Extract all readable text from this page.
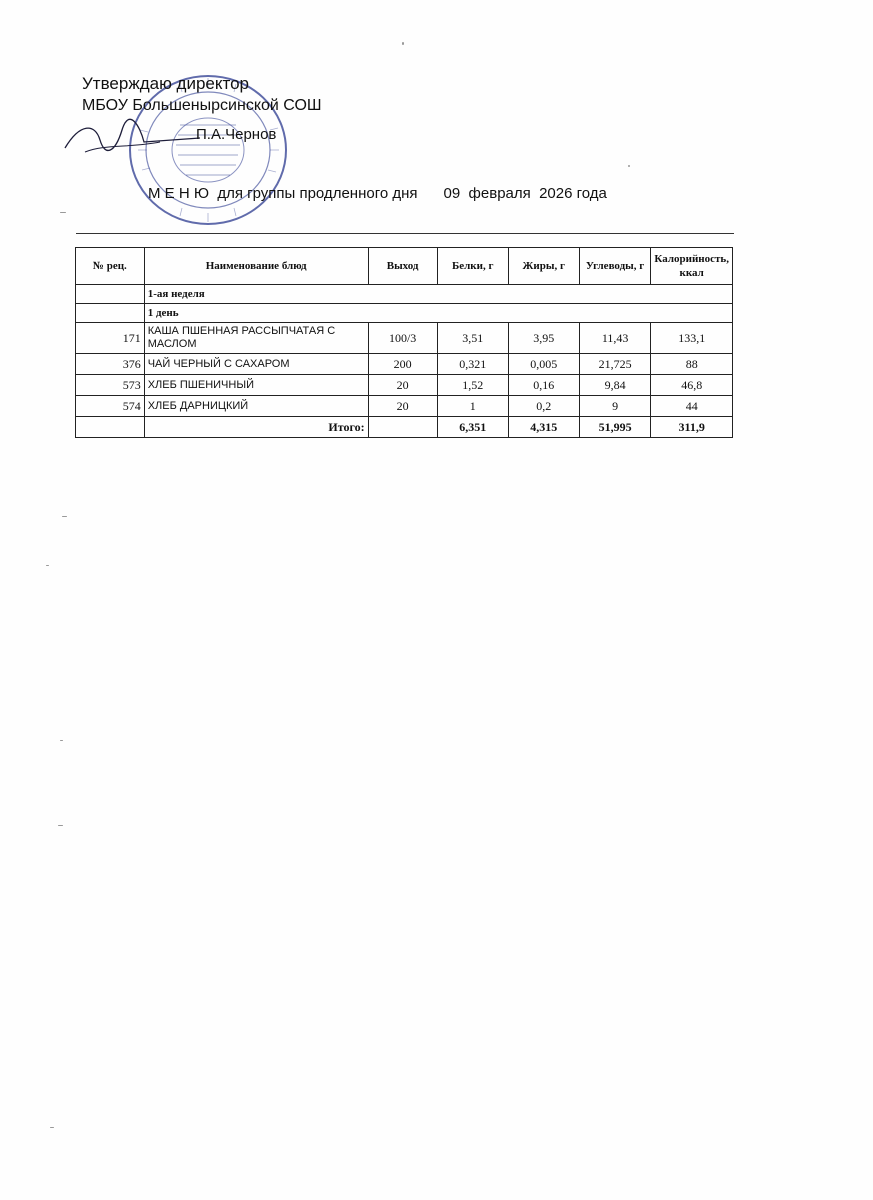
Утверждаю директор
МБОУ Большенырсинской СОШ
П.А.Чернов
М Е Н Ю  для группы продленного дня 09  февраля  2026 года
№ рец.	Наименование блюд	Выход	Белки, г	Жиры, г	Углеводы, г	Калорийность, ккал
	1-ая неделя					
	1 день					
171	КАША ПШЕННАЯ РАССЫПЧАТАЯ С МАСЛОМ	100/3	3,51	3,95	11,43	133,1
376	ЧАЙ ЧЕРНЫЙ С САХАРОМ	200	0,321	0,005	21,725	88
573	ХЛЕБ ПШЕНИЧНЫЙ	20	1,52	0,16	9,84	46,8
574	ХЛЕБ ДАРНИЦКИЙ	20	1	0,2	9	44
	Итого:		6,351	4,315	51,995	311,9
